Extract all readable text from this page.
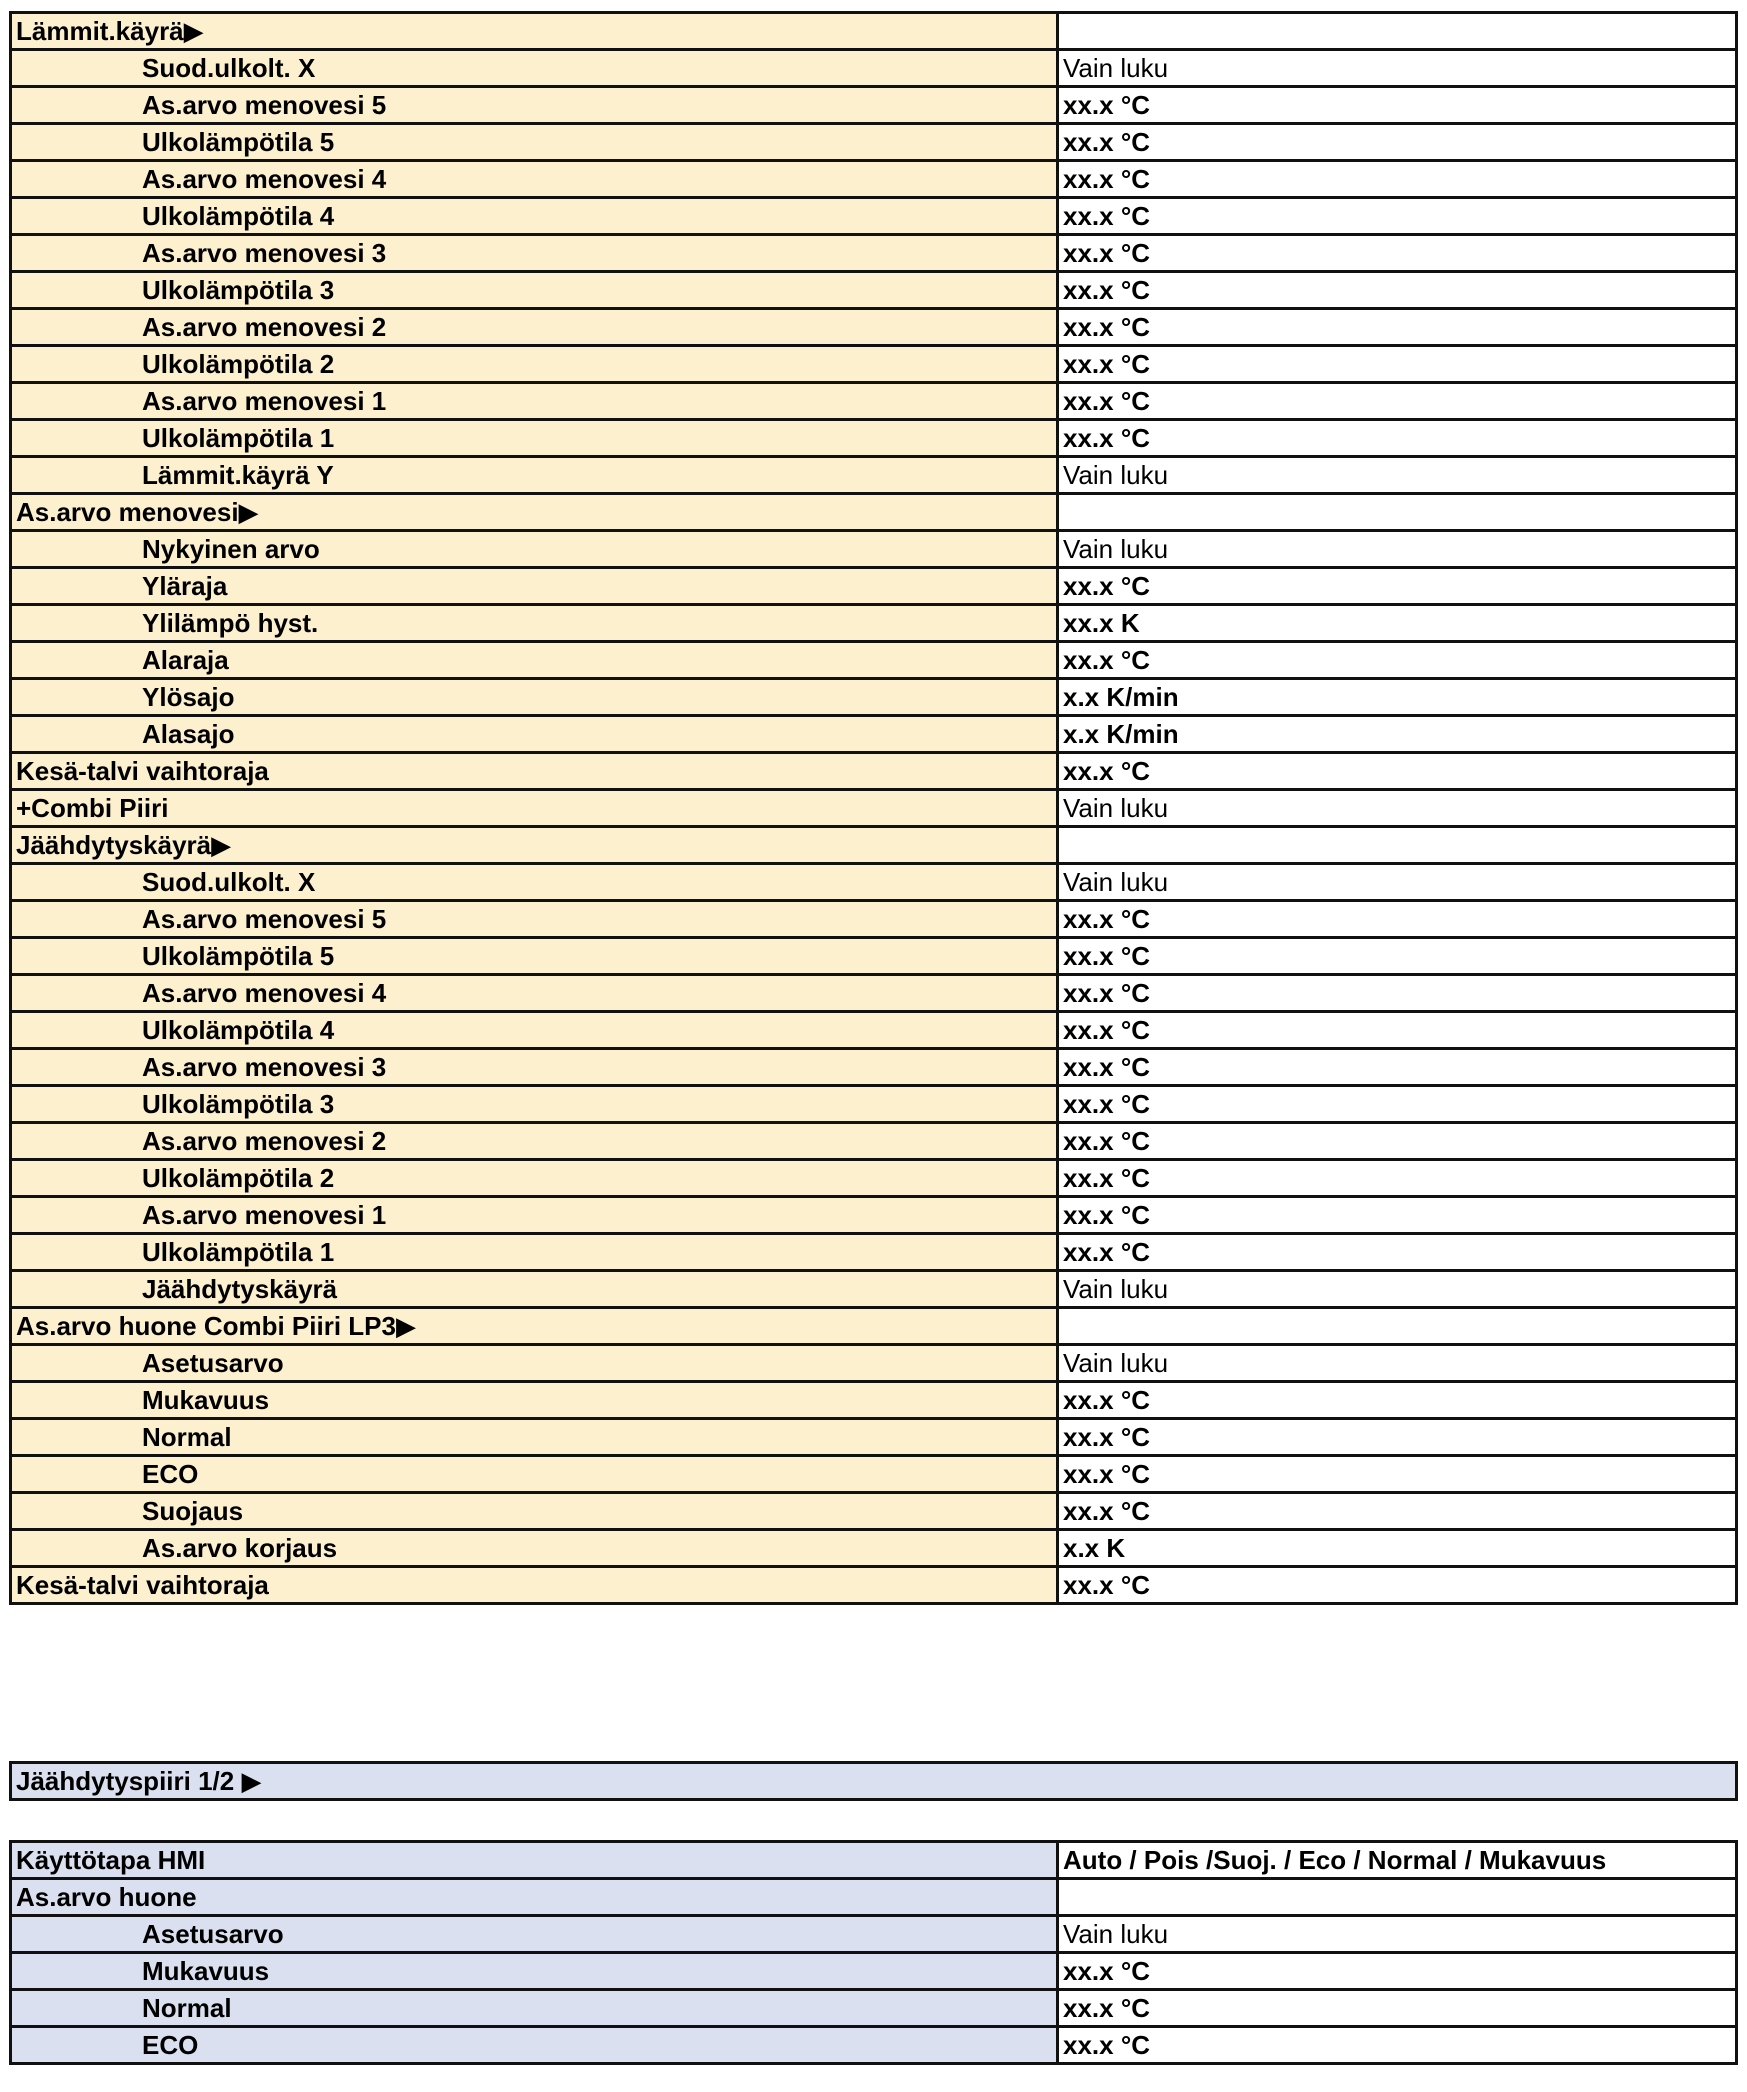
Lämmit.käyrä▶	
Suod.ulkolt. X	Vain luku
As.arvo menovesi 5	xx.x °C
Ulkolämpötila 5	xx.x °C
As.arvo menovesi 4	xx.x °C
Ulkolämpötila 4	xx.x °C
As.arvo menovesi 3	xx.x °C
Ulkolämpötila 3	xx.x °C
As.arvo menovesi 2	xx.x °C
Ulkolämpötila 2	xx.x °C
As.arvo menovesi 1	xx.x °C
Ulkolämpötila 1	xx.x °C
Lämmit.käyrä Y	Vain luku
As.arvo menovesi▶	
Nykyinen arvo	Vain luku
Yläraja	xx.x °C
Ylilämpö hyst.	xx.x K
Alaraja	xx.x °C
Ylösajo	x.x K/min
Alasajo	x.x K/min
Kesä-talvi vaihtoraja	xx.x °C
+Combi Piiri	Vain luku
Jäähdytyskäyrä▶	
Suod.ulkolt. X	Vain luku
As.arvo menovesi 5	xx.x °C
Ulkolämpötila 5	xx.x °C
As.arvo menovesi 4	xx.x °C
Ulkolämpötila 4	xx.x °C
As.arvo menovesi 3	xx.x °C
Ulkolämpötila 3	xx.x °C
As.arvo menovesi 2	xx.x °C
Ulkolämpötila 2	xx.x °C
As.arvo menovesi 1	xx.x °C
Ulkolämpötila 1	xx.x °C
Jäähdytyskäyrä	Vain luku
As.arvo huone Combi Piiri LP3▶	
Asetusarvo	Vain luku
Mukavuus	xx.x °C
Normal	xx.x °C
ECO	xx.x °C
Suojaus	xx.x °C
As.arvo korjaus	x.x K
Kesä-talvi vaihtoraja	xx.x °C
Jäähdytyspiiri 1/2 ▶
Käyttötapa HMI	Auto / Pois /Suoj. / Eco / Normal / Mukavuus
As.arvo huone	
Asetusarvo	Vain luku
Mukavuus	xx.x °C
Normal	xx.x °C
ECO	xx.x °C
